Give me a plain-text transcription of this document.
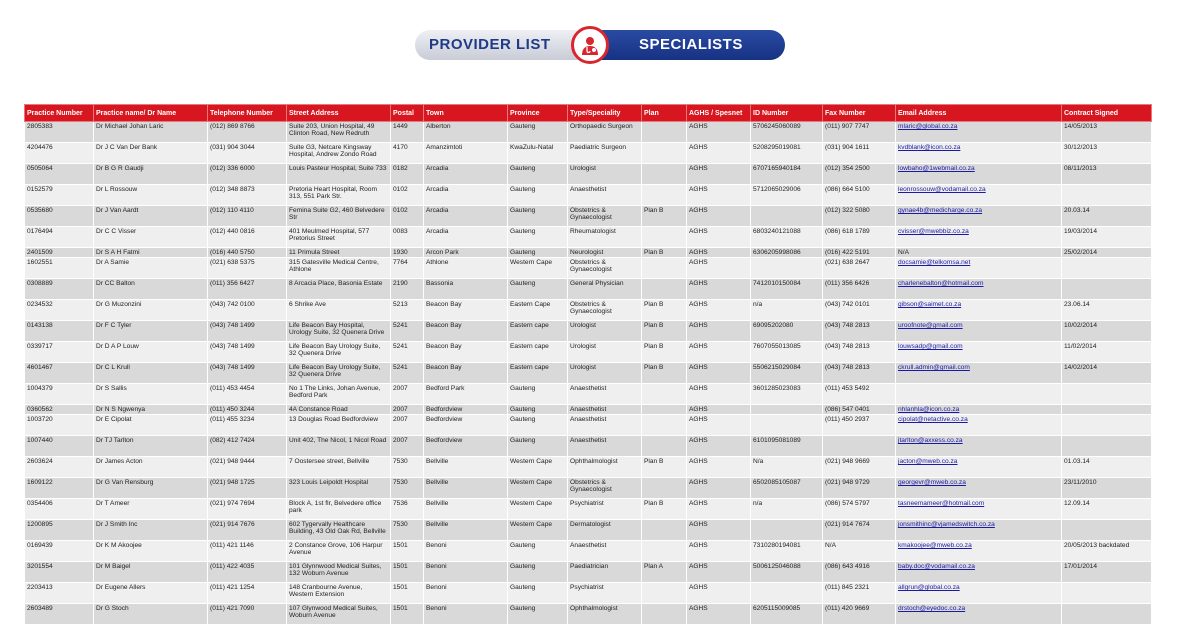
PROVIDER LIST	SPECIALISTS
Practice Number	Practice name/ Dr Name	Telephone Number	Street Address	Postal	Town	Province	Type/Speciality	Plan	AGHS / Spesnet	ID Number	Fax Number	Email Address	Contract Signed
2805383	Dr Michael Johan Laric	(012) 869 8766	Suite 203, Union Hospital, 49 Clinton Road, New Redruth	1449	Alberton	Gauteng	Orthopaedic Surgeon		AGHS	5706245060089	(011) 907 7747	mlaric@global.co.za	14/05/2013
4204476	Dr J C Van Der Bank	(031) 904 3044	Suite G3, Netcare Kingsway Hospital, Andrew Zondo Road	4170	Amanzimtoti	KwaZulu-Natal	Paediatric Surgeon		AGHS	5208295019081	(031) 904 1611	kvdblank@icon.co.za	30/12/2013
0505064	Dr B G R Gaudji	(012) 336 6000	Louis Pasteur Hospital, Suite 733	0182	Arcadia	Gauteng	Urologist		AGHS	6707165940184	(012) 354 2500	lowbaho@1webmail.co.za	08/11/2013
0152579	Dr L Rossouw	(012) 348 8873	Pretoria Heart Hospital, Room 313, 551 Park Str.	0102	Arcadia	Gauteng	Anaesthetist		AGHS	5712065029006	(086) 664 5100	leonrossouw@vodamail.co.za	
0535680	Dr J Van Aardt	(012) 110 4110	Femina Suite G2, 460 Belvedere Str	0102	Arcadia	Gauteng	Obstetrics & Gynaecologist	Plan B	AGHS		(012) 322 5080	gynae4b@medicharge.co.za	20.03.14
0176494	Dr C C Visser	(012) 440 0816	401 Meulmed Hospital, 577 Pretorius Street	0083	Arcadia	Gauteng	Rheumatologist		AGHS	6803240121088	(086) 618 1789	cvisser@mwebbiz.co.za	19/03/2014
2401509	Dr S A H Fatmi	(016) 440 5750	11 Primula Street	1930	Arcon Park	Gauteng	Neurologist	Plan B	AGHS	6306205998086	(016) 422 5191	N/A	25/02/2014
1602551	Dr A Samie	(021) 638 5375	315 Gatesville Medical Centre, Athlone	7764	Athlone	Western Cape	Obstetrics & Gynaecologist		AGHS		(021) 638 2647	docsamie@telkomsa.net	
0308889	Dr CC Balton	(011) 356 6427	8 Arcacia Place, Basonia Estate	2190	Bassonia	Gauteng	General Physician		AGHS	7412010150084	(011) 356 6426	charlenebalton@hotmail.com	
0234532	Dr G Muzonzini	(043) 742 0100	6 Shrike Ave	5213	Beacon Bay	Eastern Cape	Obstetrics & Gynaecologist	Plan B	AGHS	n/a	(043) 742 0101	gibson@saimet.co.za	23.06.14
0143138	Dr F C Tyler	(043) 748 1499	Life Beacon Bay Hospital, Urology Suite, 32 Quenera Drive	5241	Beacon Bay	Eastern cape	Urologist	Plan B	AGHS	69095202080	(043) 748 2813	uroofnote@gmail.com	10/02/2014
0339717	Dr D A P Louw	(043) 748 1499	Life Beacon Bay Urology Suite, 32 Quenera Drive	5241	Beacon Bay	Eastern cape	Urologist	Plan B	AGHS	7607055013085	(043) 748 2813	louwsadp@gmail.com	11/02/2014
4601467	Dr C L Krull	(043) 748 1499	Life Beacon Bay Urology Suite, 32 Quenera Drive	5241	Beacon Bay	Eastern cape	Urologist	Plan B	AGHS	5506215029084	(043) 748 2813	ckrull.admin@gmail.com	14/02/2014
1004379	Dr S Sallis	(011) 453 4454	No 1 The Links, Johan Avenue, Bedford Park	2007	Bedford Park	Gauteng	Anaesthetist		AGHS	3601285023083	(011) 453 5492		
0360562	Dr N S Ngwenya	(011) 450 3244	4A Constance Road	2007	Bedfordview	Gauteng	Anaesthetist		AGHS		(086) 547 0401	nhlanhla@icon.co.za	
1003720	Dr E Cipolat	(011) 455 3234	13 Douglas Road Bedfordview	2007	Bedfordview	Gauteng	Anaesthetist		AGHS		(011) 450 2937	cipolat@netactive.co.za	
1007440	Dr TJ Tarlton	(082) 412 7424	Unit 402, The Nicol, 1 Nicol Road	2007	Bedfordview	Gauteng	Anaesthetist		AGHS	6101095081089		jtarlton@axxess.co.za	
2603624	Dr James Acton	(021) 948 9444	7 Oostersee street, Bellville	7530	Bellville	Western Cape	Ophthalmologist	Plan B	AGHS	N/a	(021) 948 9669	jacton@mweb.co.za	01.03.14
1609122	Dr G Van Rensburg	(021) 948 1725	323 Louis Leipoldt Hospital	7530	Bellville	Western Cape	Obstetrics & Gynaecologist		AGHS	6502085105087	(021) 948 9729	georgevr@mweb.co.za	23/11/2010
0354406	Dr T Ameer	(021) 974 7694	Block A, 1st flr, Belvedere office park	7536	Bellville	Western Cape	Psychiatrist	Plan B	AGHS	n/a	(086) 574 5797	tasneemameer@hotmail.com	12.09.14
1200895	Dr J Smith Inc	(021) 914 7676	602 Tygervally Healthcare Building, 43 Old Oak Rd, Bellville	7530	Bellville	Western Cape	Dermatologist		AGHS		(021) 914 7674	jonsmithinc@vjamedswitch.co.za	
0169439	Dr K M Akoojee	(011) 421 1146	2 Constance Grove, 106 Harpur Avenue	1501	Benoni	Gauteng	Anaesthetist		AGHS	7310280194081	N/A	kmakoojee@mweb.co.za	20/05/2013 backdated
3201554	Dr M Baigel	(011) 422 4035	101 Glynnwood Medical Suites, 132 Woburn Avenue	1501	Benoni	Gauteng	Paediatrician	Plan A	AGHS	5006125046088	(086) 643 4916	baby.doc@vodamail.co.za	17/01/2014
2203413	Dr Eugene Allers	(011) 421 1254	148 Cranbourne Avenue, Western Extension	1501	Benoni	Gauteng	Psychiatrist		AGHS		(011) 845 2321	allgrun@global.co.za	
2603489	Dr G Stoch	(011) 421 7090	107 Glynwood Medical Suites, Woburn Avenue	1501	Benoni	Gauteng	Ophthalmologist		AGHS	6205115009085	(011) 420 9669	drstoch@eyedoc.co.za	
